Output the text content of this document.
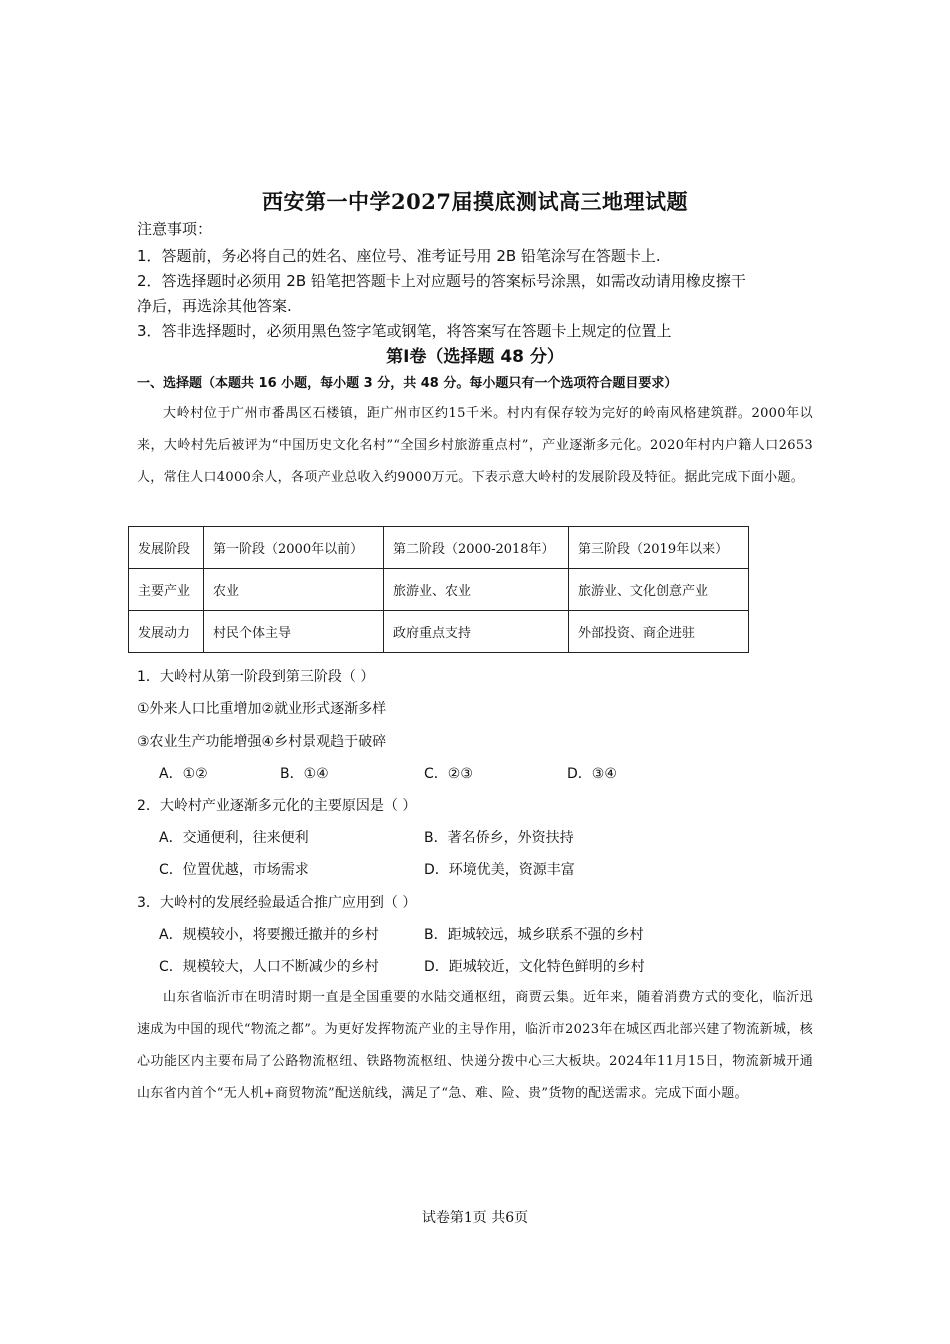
西安第一中学2027届摸底测试高三地理试题
注意事项：
1．答题前，务必将自己的姓名、座位号、准考证号用 2B 铅笔涂写在答题卡上.
2．答选择题时必须用 2B 铅笔把答题卡上对应题号的答案标号涂黑，如需改动请用橡皮擦干
净后，再选涂其他答案.
3．答非选择题时，必须用黑色签字笔或钢笔，将答案写在答题卡上规定的位置上
第Ⅰ卷（选择题 48 分）
一、选择题（本题共 16 小题，每小题 3 分，共 48 分。每小题只有一个选项符合题目要求）
大岭村位于广州市番禺区石楼镇，距广州市区约15千米。村内有保存较为完好的岭南风格建筑群。2000年以来，大岭村先后被评为“中国历史文化名村”“全国乡村旅游重点村”，产业逐渐多元化。2020年村内户籍人口2653人，常住人口4000余人，各项产业总收入约9000万元。下表示意大岭村的发展阶段及特征。据此完成下面小题。
发展阶段	第一阶段（2000年以前）	第二阶段（2000-2018年）	第三阶段（2019年以来）
主要产业	农业	旅游业、农业	旅游业、文化创意产业
发展动力	村民个体主导	政府重点支持	外部投资、商企进驻
1．大岭村从第一阶段到第三阶段（ ）
①外来人口比重增加②就业形式逐渐多样
③农业生产功能增强④乡村景观趋于破碎
A．①②	B．①④	C．②③	D．③④
2．大岭村产业逐渐多元化的主要原因是（ ）
A．交通便利，往来便利	B．著名侨乡，外资扶持
C．位置优越，市场需求	D．环境优美，资源丰富
3．大岭村的发展经验最适合推广应用到（ ）
A．规模较小，将要搬迁撤并的乡村	B．距城较远，城乡联系不强的乡村
C．规模较大，人口不断减少的乡村	D．距城较近，文化特色鲜明的乡村
山东省临沂市在明清时期一直是全国重要的水陆交通枢纽，商贾云集。近年来，随着消费方式的变化，临沂迅速成为中国的现代“物流之都”。为更好发挥物流产业的主导作用，临沂市2023年在城区西北部兴建了物流新城，核心功能区内主要布局了公路物流枢纽、铁路物流枢纽、快递分拨中心三大板块。2024年11月15日，物流新城开通山东省内首个“无人机+商贸物流”配送航线，满足了“急、难、险、贵”货物的配送需求。完成下面小题。
试卷第1页 共6页
